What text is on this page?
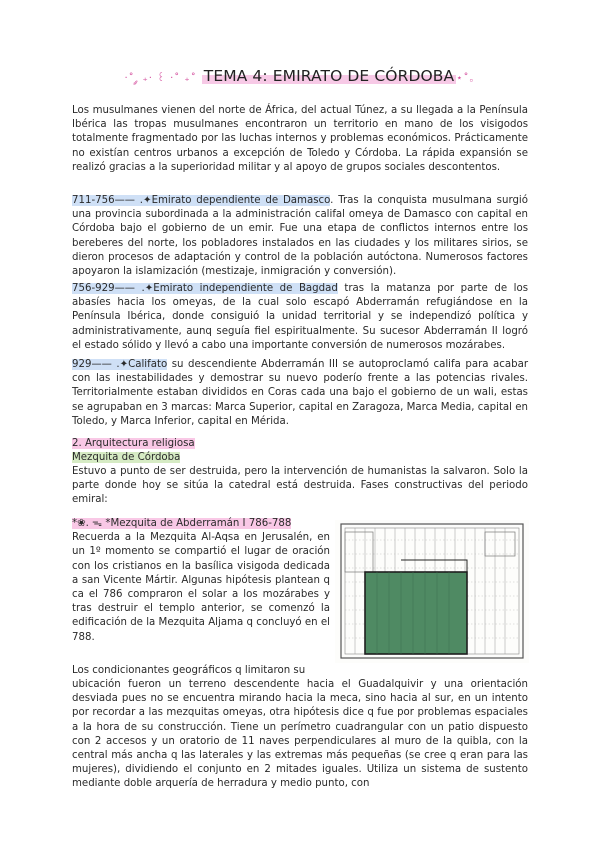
·˚ ༘ ₊· ꒰ ·˚ ₊˚ TEMA 4: EMIRATO DE CÓRDOBA ⋆˚｡
Los musulmanes vienen del norte de África, del actual Túnez, a su llegada a la Península Ibérica las tropas musulmanes encontraron un territorio en mano de los visigodos totalmente fragmentado por las luchas internos y problemas económicos. Prácticamente no existían centros urbanos a excepción de Toledo y Córdoba. La rápida expansión se realizó gracias a la superioridad militar y al apoyo de grupos sociales descontentos.
711-756—— .✦Emirato dependiente de Damasco. Tras la conquista musulmana surgió una provincia subordinada a la administración califal omeya de Damasco con capital en Córdoba bajo el gobierno de un emir. Fue una etapa de conflictos internos entre los bereberes del norte, los pobladores instalados en las ciudades y los militares sirios, se dieron procesos de adaptación y control de la población autóctona. Numerosos factores apoyaron la islamización (mestizaje, inmigración y conversión).
756-929—— .✦Emirato independiente de Bagdad tras la matanza por parte de los abasíes hacia los omeyas, de la cual solo escapó Abderramán refugiándose en la Península Ibérica, donde consiguió la unidad territorial y se independizó política y administrativamente, aunq seguía fiel espiritualmente. Su sucesor Abderramán II logró el estado sólido y llevó a cabo una importante conversión de numerosos mozárabes.
929—— .✦Califato su descendiente Abderramán III se autoproclamó califa para acabar con las inestabilidades y demostrar su nuevo poderío frente a las potencias rivales. Territorialmente estaban divididos en Coras cada una bajo el gobierno de un wali, estas se agrupaban en 3 marcas: Marca Superior, capital en Zaragoza, Marca Media, capital en Toledo, y Marca Inferior, capital en Mérida.
2. Arquitectura religiosa
Mezquita de Córdoba
Estuvo a punto de ser destruida, pero la intervención de humanistas la salvaron. Solo la parte donde hoy se sitúa la catedral está destruida. Fases constructivas del periodo emiral:
*❀. ᯓ *Mezquita de Abderramán I 786-788
Recuerda a la Mezquita Al-Aqsa en Jerusalén, en un 1º momento se compartió el lugar de oración con los cristianos en la basílica visigoda dedicada a san Vicente Mártir. Algunas hipótesis plantean q ca el 786 compraron el solar a los mozárabes y tras destruir el templo anterior, se comenzó la edificación de la Mezquita Aljama q concluyó en el 788.
Los condicionantes geográficos q limitaron su
ubicación fueron un terreno descendente hacia el Guadalquivir y una orientación desviada pues no se encuentra mirando hacia la meca, sino hacia al sur, en un intento por recordar a las mezquitas omeyas, otra hipótesis dice q fue por problemas espaciales a la hora de su construcción. Tiene un perímetro cuadrangular con un patio dispuesto con 2 accesos y un oratorio de 11 naves perpendiculares al muro de la quibla, con la central más ancha q las laterales y las extremas más pequeñas (se cree q eran para las mujeres), dividiendo el conjunto en 2 mitades iguales. Utiliza un sistema de sustento mediante doble arquería de herradura y medio punto, con
